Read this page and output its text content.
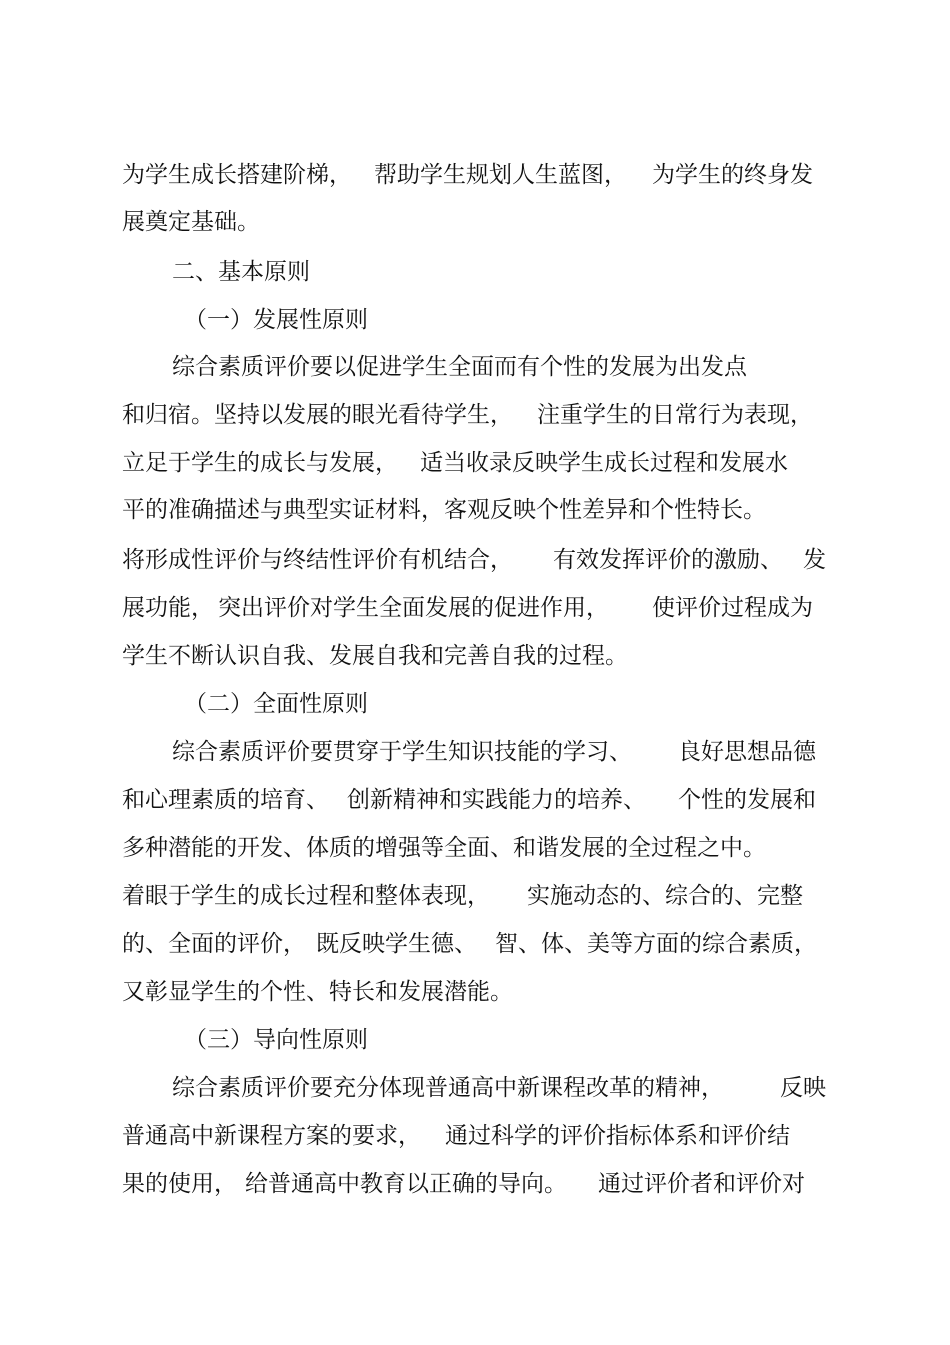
为学生成长搭建阶梯， 帮助学生规划人生蓝图， 为学生的终身发
展奠定基础。
二、基本原则
（一）发展性原则
综合素质评价要以促进学生全面而有个性的发展为出发点
和归宿。坚持以发展的眼光看待学生， 注重学生的日常行为表现，
立足于学生的成长与发展， 适当收录反映学生成长过程和发展水
平的准确描述与典型实证材料，客观反映个性差异和个性特长。
将形成性评价与终结性评价有机结合， 有效发挥评价的激励、 发
展功能， 突出评价对学生全面发展的促进作用， 使评价过程成为
学生不断认识自我、发展自我和完善自我的过程。
（二）全面性原则
综合素质评价要贯穿于学生知识技能的学习、 良好思想品德
和心理素质的培育、 创新精神和实践能力的培养、 个性的发展和
多种潜能的开发、体质的增强等全面、和谐发展的全过程之中。
着眼于学生的成长过程和整体表现， 实施动态的、综合的、完整
的、全面的评价， 既反映学生德、 智、体、美等方面的综合素质，
又彰显学生的个性、特长和发展潜能。
（三）导向性原则
综合素质评价要充分体现普通高中新课程改革的精神， 反映
普通高中新课程方案的要求， 通过科学的评价指标体系和评价结
果的使用， 给普通高中教育以正确的导向。 通过评价者和评价对
